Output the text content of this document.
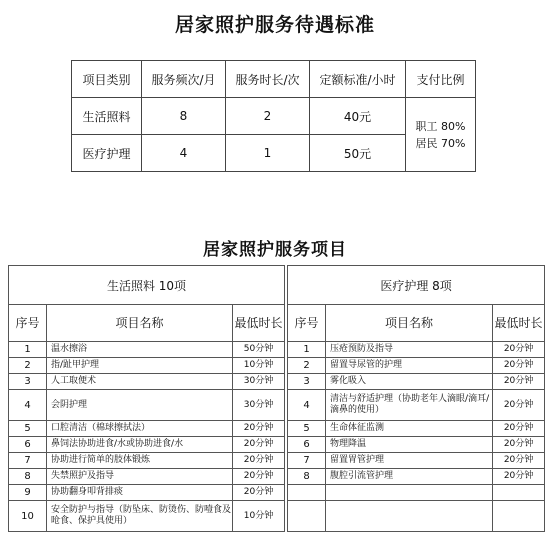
居家照护服务待遇标准
项目类别	服务频次/月	服务时长/次	定额标准/小时	支付比例
生活照料	8	2	40元	职工 80%
居民 70%

医疗护理	4	1	50元	
居家照护服务项目
生活照料 10项				医疗护理 8项		
序号	项目名称	最低时长		序号	项目名称	最低时长
1	温水擦浴	50分钟		1	压疮预防及指导	20分钟
2	指/趾甲护理	10分钟		2	留置导尿管的护理	20分钟
3	人工取便术	30分钟		3	雾化吸入	20分钟
4	会阴护理	30分钟		4	清洁与舒适护理（协助老年人滴眼/滴耳/滴鼻的使用）	20分钟
5	口腔清洁（棉球擦拭法）	20分钟		5	生命体征监测	20分钟
6	鼻饲法协助进食/水或协助进食/水	20分钟		6	物理降温	20分钟
7	协助进行简单的肢体锻炼	20分钟		7	留置胃管护理	20分钟
8	失禁照护及指导	20分钟		8	腹腔引流管护理	20分钟
9	协助翻身叩背排痰	20分钟				
10	安全防护与指导（防坠床、防烫伤、防噎食及呛食、保护具使用）	10分钟				
